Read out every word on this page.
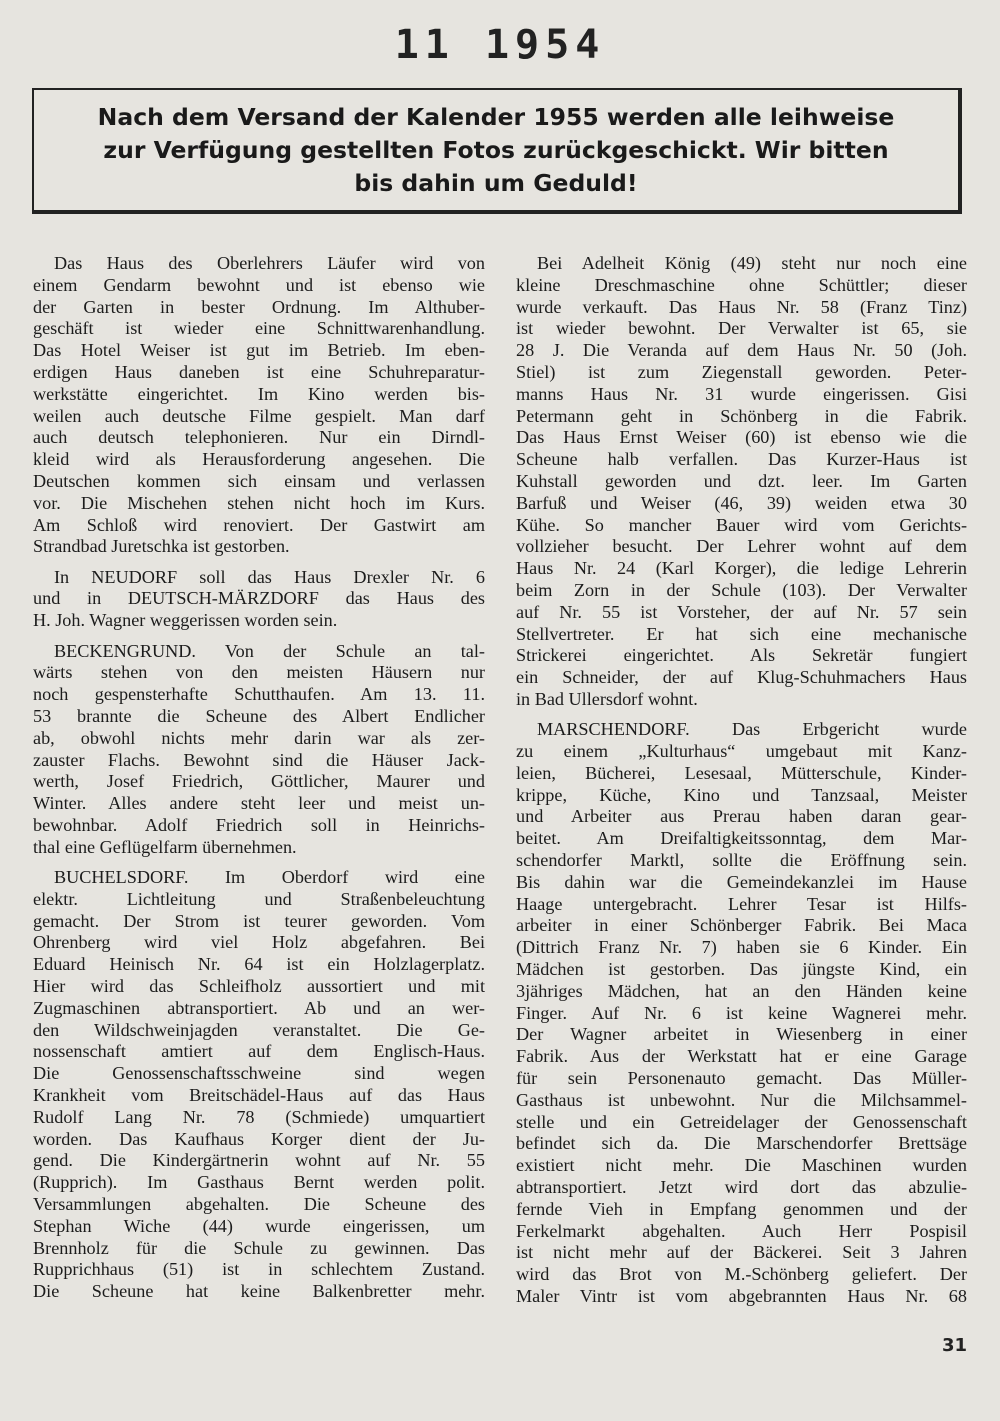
11 1954
Nach dem Versand der Kalender 1955 werden alle leihweise
zur Verfügung gestellten Fotos zurückgeschickt. Wir bitten
bis dahin um Geduld!
Das Haus des Oberlehrers Läufer wird von
einem Gendarm bewohnt und ist ebenso wie
der Garten in bester Ordnung. Im Althuber-
geschäft ist wieder eine Schnittwarenhandlung.
Das Hotel Weiser ist gut im Betrieb. Im eben-
erdigen Haus daneben ist eine Schuhreparatur-
werkstätte eingerichtet. Im Kino werden bis-
weilen auch deutsche Filme gespielt. Man darf
auch deutsch telephonieren. Nur ein Dirndl-
kleid wird als Herausforderung angesehen. Die
Deutschen kommen sich einsam und verlassen
vor. Die Mischehen stehen nicht hoch im Kurs.
Am Schloß wird renoviert. Der Gastwirt am
Strandbad Juretschka ist gestorben.
In NEUDORF soll das Haus Drexler Nr. 6
und in DEUTSCH-MÄRZDORF das Haus des
H. Joh. Wagner weggerissen worden sein.
BECKENGRUND. Von der Schule an tal-
wärts stehen von den meisten Häusern nur
noch gespensterhafte Schutthaufen. Am 13. 11.
53 brannte die Scheune des Albert Endlicher
ab, obwohl nichts mehr darin war als zer-
zauster Flachs. Bewohnt sind die Häuser Jack-
werth, Josef Friedrich, Göttlicher, Maurer und
Winter. Alles andere steht leer und meist un-
bewohnbar. Adolf Friedrich soll in Heinrichs-
thal eine Geflügelfarm übernehmen.
BUCHELSDORF. Im Oberdorf wird eine
elektr. Lichtleitung und Straßenbeleuchtung
gemacht. Der Strom ist teurer geworden. Vom
Ohrenberg wird viel Holz abgefahren. Bei
Eduard Heinisch Nr. 64 ist ein Holzlagerplatz.
Hier wird das Schleifholz aussortiert und mit
Zugmaschinen abtransportiert. Ab und an wer-
den Wildschweinjagden veranstaltet. Die Ge-
nossenschaft amtiert auf dem Englisch-Haus.
Die Genossenschaftsschweine sind wegen
Krankheit vom Breitschädel-Haus auf das Haus
Rudolf Lang Nr. 78 (Schmiede) umquartiert
worden. Das Kaufhaus Korger dient der Ju-
gend. Die Kindergärtnerin wohnt auf Nr. 55
(Rupprich). Im Gasthaus Bernt werden polit.
Versammlungen abgehalten. Die Scheune des
Stephan Wiche (44) wurde eingerissen, um
Brennholz für die Schule zu gewinnen. Das
Rupprichhaus (51) ist in schlechtem Zustand.
Die Scheune hat keine Balkenbretter mehr.
Bei Adelheit König (49) steht nur noch eine
kleine Dreschmaschine ohne Schüttler; dieser
wurde verkauft. Das Haus Nr. 58 (Franz Tinz)
ist wieder bewohnt. Der Verwalter ist 65, sie
28 J. Die Veranda auf dem Haus Nr. 50 (Joh.
Stiel) ist zum Ziegenstall geworden. Peter-
manns Haus Nr. 31 wurde eingerissen. Gisi
Petermann geht in Schönberg in die Fabrik.
Das Haus Ernst Weiser (60) ist ebenso wie die
Scheune halb verfallen. Das Kurzer-Haus ist
Kuhstall geworden und dzt. leer. Im Garten
Barfuß und Weiser (46, 39) weiden etwa 30
Kühe. So mancher Bauer wird vom Gerichts-
vollzieher besucht. Der Lehrer wohnt auf dem
Haus Nr. 24 (Karl Korger), die ledige Lehrerin
beim Zorn in der Schule (103). Der Verwalter
auf Nr. 55 ist Vorsteher, der auf Nr. 57 sein
Stellvertreter. Er hat sich eine mechanische
Strickerei eingerichtet. Als Sekretär fungiert
ein Schneider, der auf Klug-Schuhmachers Haus
in Bad Ullersdorf wohnt.
MARSCHENDORF. Das Erbgericht wurde
zu einem „Kulturhaus“ umgebaut mit Kanz-
leien, Bücherei, Lesesaal, Mütterschule, Kinder-
krippe, Küche, Kino und Tanzsaal, Meister
und Arbeiter aus Prerau haben daran gear-
beitet. Am Dreifaltigkeitssonntag, dem Mar-
schendorfer Marktl, sollte die Eröffnung sein.
Bis dahin war die Gemeindekanzlei im Hause
Haage untergebracht. Lehrer Tesar ist Hilfs-
arbeiter in einer Schönberger Fabrik. Bei Maca
(Dittrich Franz Nr. 7) haben sie 6 Kinder. Ein
Mädchen ist gestorben. Das jüngste Kind, ein
3jähriges Mädchen, hat an den Händen keine
Finger. Auf Nr. 6 ist keine Wagnerei mehr.
Der Wagner arbeitet in Wiesenberg in einer
Fabrik. Aus der Werkstatt hat er eine Garage
für sein Personenauto gemacht. Das Müller-
Gasthaus ist unbewohnt. Nur die Milchsammel-
stelle und ein Getreidelager der Genossenschaft
befindet sich da. Die Marschendorfer Brettsäge
existiert nicht mehr. Die Maschinen wurden
abtransportiert. Jetzt wird dort das abzulie-
fernde Vieh in Empfang genommen und der
Ferkelmarkt abgehalten. Auch Herr Pospisil
ist nicht mehr auf der Bäckerei. Seit 3 Jahren
wird das Brot von M.-Schönberg geliefert. Der
Maler Vintr ist vom abgebrannten Haus Nr. 68
31
